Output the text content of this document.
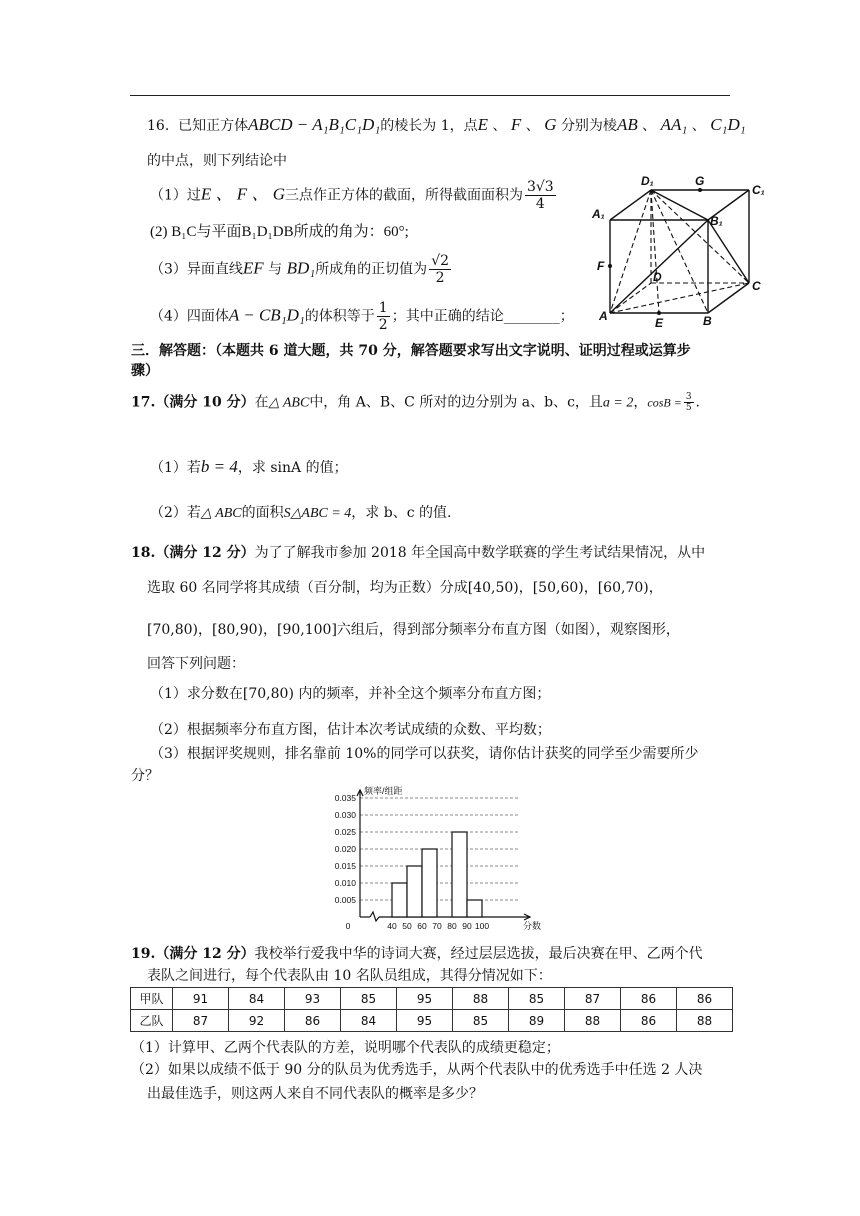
16. 已知正方体ABCD − A₁B₁C₁D₁的棱长为 1，点E 、 F 、 G 分别为棱AB 、 AA₁ 、 C₁D₁
的中点，则下列结论中
（1）过E 、 F 、 G三点作正方体的截面，所得截面面积为 $\frac{3√3}{4}$
(2) B₁C与平面B₁D₁DB所成的角为：60°;
（3）异面直线EF 与 BD₁所成角的正切值为 $\frac{√2}{2}$
（4）四面体A − CB₁D₁的体积等于 $\frac{1}{2}$ ；其中正确的结论________；
D₁	G
C₁
A₁	B₁
F
D
C
A	E	B
三．解答题：（本题共 6 道大题，共 70 分，解答题要求写出文字说明、证明过程或运算步
骤）
17.（满分 10 分）在△ ABC中，角 A、B、C 所对的边分别为 a、b、c，且a = 2，$\cos B = \frac{3}{5}$ .
（1）若b = 4，求 sinA 的值；
（2）若△ ABC的面积S△ABC = 4，求 b、c 的值.
18.（满分 12 分）为了了解我市参加 2018 年全国高中数学联赛的学生考试结果情况，从中
选取 60 名同学将其成绩（百分制，均为正数）分成[40,50)，[50,60)，[60,70)，
[70,80)，[80,90)，[90,100]六组后，得到部分频率分布直方图（如图），观察图形，
回答下列问题：
（1）求分数在[70,80) 内的频率，并补全这个频率分布直方图；
（2）根据频率分布直方图，估计本次考试成绩的众数、平均数；
（3）根据评奖规则，排名靠前 10%的同学可以获奖，请你估计获奖的同学至少需要所少
分？
0.005
0.010
0.015
0.020
0.025
0.030
0.035
0	40 50 60 70 80 90 100
频率/组距
分数
19.（满分 12 分）我校举行爱我中华的诗词大赛，经过层层选拔，最后决赛在甲、乙两个代
表队之间进行，每个代表队由 10 名队员组成，其得分情况如下：
甲队	91	84	93	85	95	88	85	87	86	86
乙队	87	92	86	84	95	85	89	88	86	88
（1）计算甲、乙两个代表队的方差，说明哪个代表队的成绩更稳定；
（2）如果以成绩不低于 90 分的队员为优秀选手，从两个代表队中的优秀选手中任选 2 人决
出最佳选手，则这两人来自不同代表队的概率是多少？
